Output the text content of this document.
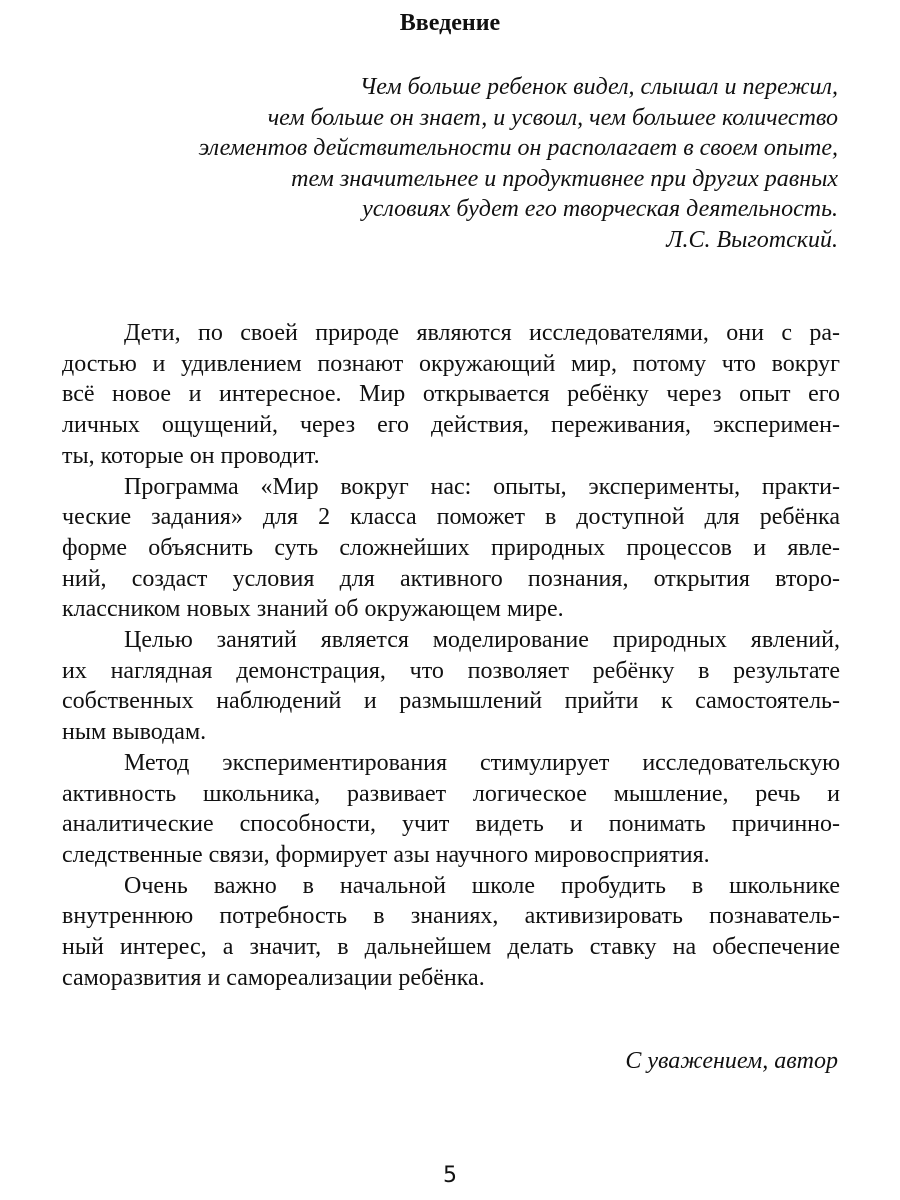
Введение
Чем больше ребенок видел, слышал и пережил,
чем больше он знает, и усвоил, чем большее количество
элементов действительности он располагает в своем опыте,
тем значительнее и продуктивнее при других равных
условиях будет его творческая деятельность.
Л.С. Выготский.
Дети, по своей природе являются исследователями, они с ра-
достью и удивлением познают окружающий мир, потому что вокруг
всё новое и интересное. Мир открывается ребёнку через опыт его
личных ощущений, через его действия, переживания, эксперимен-
ты, которые он проводит.
Программа «Мир вокруг нас: опыты, эксперименты, практи-
ческие задания» для 2 класса поможет в доступной для ребёнка
форме объяснить суть сложнейших природных процессов и явле-
ний, создаст условия для активного познания, открытия второ-
классником новых знаний об окружающем мире.
Целью занятий является моделирование природных явлений,
их наглядная демонстрация, что позволяет ребёнку в результате
собственных наблюдений и размышлений прийти к самостоятель-
ным выводам.
Метод экспериментирования стимулирует исследовательскую
активность школьника, развивает логическое мышление, речь и
аналитические способности, учит видеть и понимать причинно-
следственные связи, формирует азы научного мировосприятия.
Очень важно в начальной школе пробудить в школьнике
внутреннюю потребность в знаниях, активизировать познаватель-
ный интерес, а значит, в дальнейшем делать ставку на обеспечение
саморазвития и самореализации ребёнка.
С уважением, автор
5
